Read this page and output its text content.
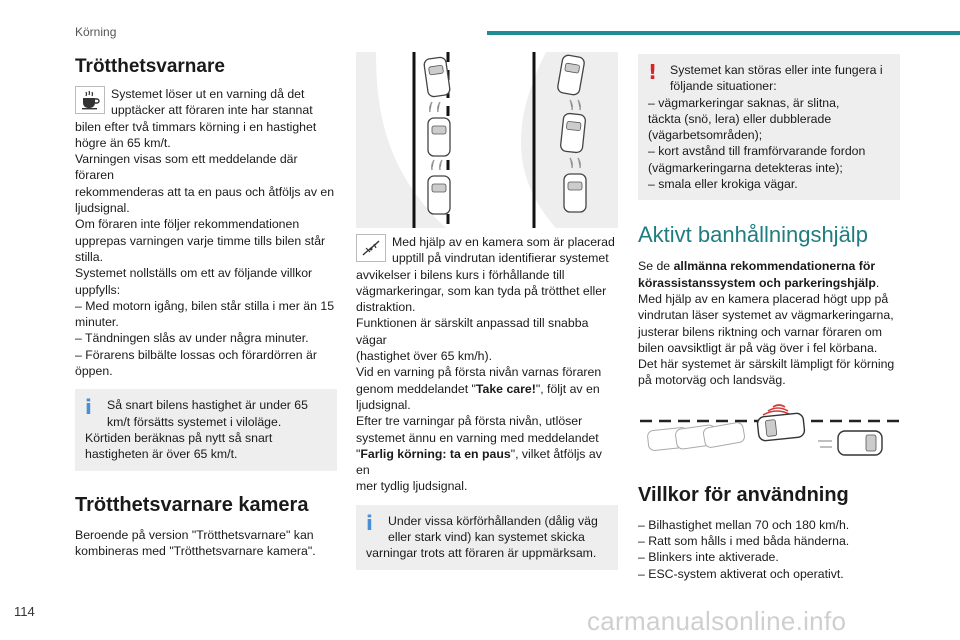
Körning
Trötthetsvarnare
Systemet löser ut en varning då det
upptäcker att föraren inte har stannat
bilen efter två timmars körning i en hastighet
högre än 65 km/t.
Varningen visas som ett meddelande där föraren
rekommenderas att ta en paus och åtföljs av en
ljudsignal.
Om föraren inte följer rekommendationen
upprepas varningen varje timme tills bilen står
stilla.
Systemet nollställs om ett av följande villkor
uppfylls:
– Med motorn igång, bilen står stilla i mer än 15
minuter.
– Tändningen slås av under några minuter.
– Förarens bilbälte lossas och förardörren är
öppen.
i	Så snart bilens hastighet är under 65
km/t försätts systemet i viloläge.
Körtiden beräknas på nytt så snart
hastigheten är över 65 km/t.

Trötthetsvarnare kamera
Beroende på version "Trötthetsvarnare" kan
kombineras med "Trötthetsvarnare kamera".
Med hjälp av en kamera som är placerad
upptill på vindrutan identifierar systemet
avvikelser i bilens kurs i förhållande till
vägmarkeringar, som kan tyda på trötthet eller
distraktion.
Funktionen är särskilt anpassad till snabba vägar
(hastighet över 65 km/h).
Vid en varning på första nivån varnas föraren
genom meddelandet "Take care!", följt av en
ljudsignal.
Efter tre varningar på första nivån, utlöser
systemet ännu en varning med meddelandet
"Farlig körning: ta en paus", vilket åtföljs av en
mer tydlig ljudsignal.
i	Under vissa körförhållanden (dålig väg
eller stark vind) kan systemet skicka
varningar trots att föraren är uppmärksam.

!	Systemet kan störas eller inte fungera i
följande situationer:
– vägmarkeringar saknas, är slitna,
täckta (snö, lera) eller dubblerade
(vägarbetsområden);
– kort avstånd till framförvarande fordon
(vägmarkeringarna detekteras inte);
– smala eller krokiga vägar.

Aktivt banhållningshjälp
Se de allmänna rekommendationerna för
körassistanssystem och parkeringshjälp.
Med hjälp av en kamera placerad högt upp på
vindrutan läser systemet av vägmarkeringarna,
justerar bilens riktning och varnar föraren om
bilen oavsiktligt är på väg över i fel körbana.
Det här systemet är särskilt lämpligt för körning
på motorväg och landsväg.
Villkor för användning
– Bilhastighet mellan 70 och 180 km/h.
– Ratt som hålls i med båda händerna.
– Blinkers inte aktiverade.
– ESC-system aktiverat och operativt.
114	carmanualsonline.info
